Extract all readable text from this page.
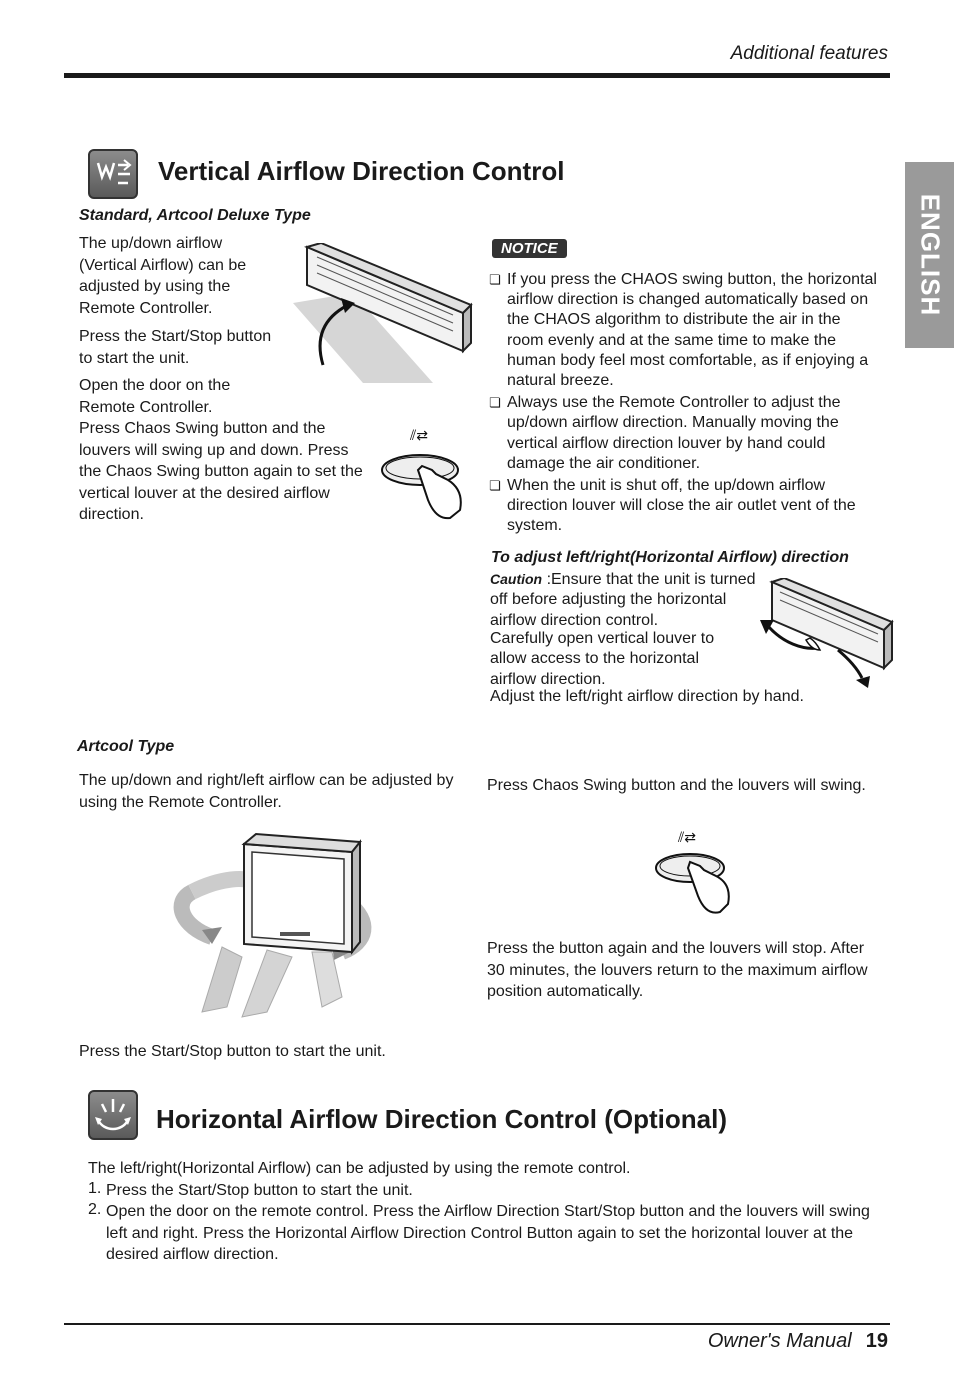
Additional features
ENGLISH
Vertical Airflow Direction Control
Standard, Artcool Deluxe Type
The up/down airflow (Vertical Airflow) can be adjusted by using the Remote Controller.
Press the Start/Stop button to start the unit.
Open the door on the Remote Controller.
Press Chaos Swing button and the louvers will swing up and down. Press the Chaos Swing button again to set the vertical louver at the desired airflow direction.
⫽⇄
NOTICE
❏ If you press the CHAOS swing button, the horizontal airflow direction is changed automatically based on the CHAOS algorithm to distribute the air in the room evenly and at the same time to make the human body feel most comfortable, as if enjoying a natural breeze.
❏ Always use the Remote Controller to adjust the up/down airflow direction. Manually moving the vertical airflow direction louver by hand could damage the air conditioner.
❏ When the unit is shut off, the up/down airflow direction louver will close the air outlet vent of the system.
To adjust left/right(Horizontal Airflow) direction
Caution :Ensure that the unit is turned off before adjusting the horizontal airflow direction control.
Carefully open vertical louver to allow access to the horizontal airflow direction.
Adjust the left/right airflow direction by hand.
Artcool Type
The up/down and right/left airflow can be adjusted by using the Remote Controller.
Press Chaos Swing button and the louvers will swing.
⫽⇄
Press the button again and the louvers will stop. After 30 minutes, the louvers return to the maximum airflow position automatically.
Press the Start/Stop button to start the unit.
Horizontal Airflow Direction Control (Optional)

The left/right(Horizontal Airflow) can be adjusted by using the remote control.

1. Press the Start/Stop button to start the unit.

2. Open the door on the remote control. Press the Airflow Direction Start/Stop button and the louvers will swing left and right. Press the Horizontal Airflow Direction Control Button again to set the horizontal louver at the desired airflow direction.

Owner's Manual 19
